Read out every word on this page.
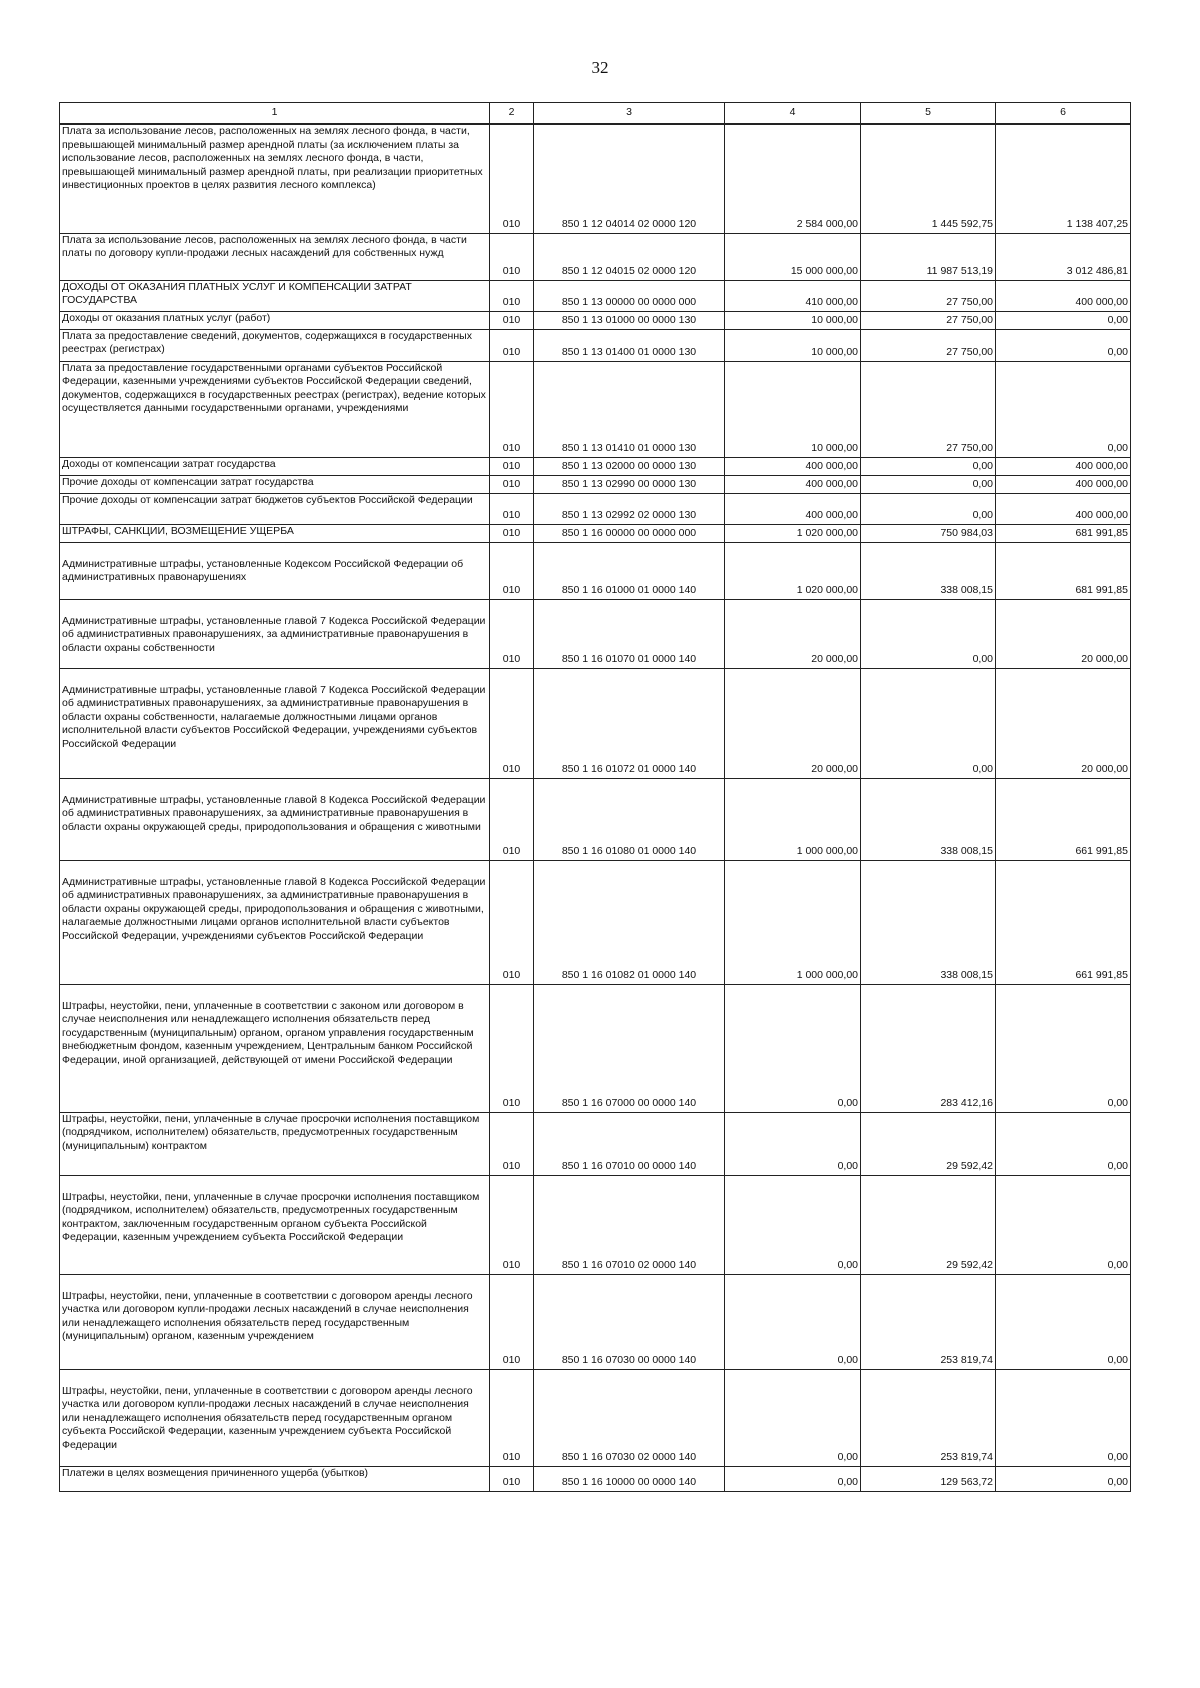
32
1	2	3	4	5	6
Плата за использование лесов, расположенных на землях лесного фонда, в части, превышающей минимальный размер арендной платы (за исключением платы за использование лесов, расположенных на землях лесного фонда, в части, превышающей минимальный размер арендной платы, при реализации приоритетных инвестиционных проектов в целях развития лесного комплекса)	010	850 1 12 04014 02 0000 120	2 584 000,00	1 445 592,75	1 138 407,25
Плата за использование лесов, расположенных на землях лесного фонда, в части платы по договору купли-продажи лесных насаждений для собственных нужд	010	850 1 12 04015 02 0000 120	15 000 000,00	11 987 513,19	3 012 486,81
ДОХОДЫ ОТ ОКАЗАНИЯ ПЛАТНЫХ УСЛУГ И КОМПЕНСАЦИИ ЗАТРАТ ГОСУДАРСТВА	010	850 1 13 00000 00 0000 000	410 000,00	27 750,00	400 000,00
Доходы от оказания платных услуг (работ)	010	850 1 13 01000 00 0000 130	10 000,00	27 750,00	0,00
Плата за предоставление сведений, документов, содержащихся в государственных реестрах (регистрах)	010	850 1 13 01400 01 0000 130	10 000,00	27 750,00	0,00
Плата за предоставление государственными органами субъектов Российской Федерации, казенными учреждениями субъектов Российской Федерации сведений, документов, содержащихся в государственных реестрах (регистрах), ведение которых осуществляется данными государственными органами, учреждениями	010	850 1 13 01410 01 0000 130	10 000,00	27 750,00	0,00
Доходы от компенсации затрат государства	010	850 1 13 02000 00 0000 130	400 000,00	0,00	400 000,00
Прочие доходы от компенсации затрат государства	010	850 1 13 02990 00 0000 130	400 000,00	0,00	400 000,00
Прочие доходы от компенсации затрат бюджетов субъектов Российской Федерации	010	850 1 13 02992 02 0000 130	400 000,00	0,00	400 000,00
ШТРАФЫ, САНКЦИИ, ВОЗМЕЩЕНИЕ УЩЕРБА	010	850 1 16 00000 00 0000 000	1 020 000,00	750 984,03	681 991,85

Административные штрафы, установленные Кодексом Российской Федерации об административных правонарушениях	010	850 1 16 01000 01 0000 140	1 020 000,00	338 008,15	681 991,85

Административные штрафы, установленные главой 7 Кодекса Российской Федерации об административных правонарушениях, за административные правонарушения в области охраны собственности	010	850 1 16 01070 01 0000 140	20 000,00	0,00	20 000,00

Административные штрафы, установленные главой 7 Кодекса Российской Федерации об административных правонарушениях, за административные правонарушения в области охраны собственности, налагаемые должностными лицами органов исполнительной власти субъектов Российской Федерации, учреждениями субъектов Российской Федерации	010	850 1 16 01072 01 0000 140	20 000,00	0,00	20 000,00

Административные штрафы, установленные главой 8 Кодекса Российской Федерации об административных правонарушениях, за административные правонарушения в области охраны окружающей среды, природопользования и обращения с животными	010	850 1 16 01080 01 0000 140	1 000 000,00	338 008,15	661 991,85

Административные штрафы, установленные главой 8 Кодекса Российской Федерации об административных правонарушениях, за административные правонарушения в области охраны окружающей среды, природопользования и обращения с животными, налагаемые должностными лицами органов исполнительной власти субъектов Российской Федерации, учреждениями субъектов Российской Федерации	010	850 1 16 01082 01 0000 140	1 000 000,00	338 008,15	661 991,85

Штрафы, неустойки, пени, уплаченные в соответствии с законом или договором в случае неисполнения или ненадлежащего исполнения обязательств перед государственным (муниципальным) органом, органом управления государственным внебюджетным фондом, казенным учреждением, Центральным банком Российской Федерации, иной организацией, действующей от имени Российской Федерации	010	850 1 16 07000 00 0000 140	0,00	283 412,16	0,00
Штрафы, неустойки, пени, уплаченные в случае просрочки исполнения поставщиком (подрядчиком, исполнителем) обязательств, предусмотренных государственным (муниципальным) контрактом	010	850 1 16 07010 00 0000 140	0,00	29 592,42	0,00

Штрафы, неустойки, пени, уплаченные в случае просрочки исполнения поставщиком (подрядчиком, исполнителем) обязательств, предусмотренных государственным контрактом, заключенным государственным органом субъекта Российской Федерации, казенным учреждением субъекта Российской Федерации	010	850 1 16 07010 02 0000 140	0,00	29 592,42	0,00

Штрафы, неустойки, пени, уплаченные в соответствии с договором аренды лесного участка или договором купли-продажи лесных насаждений в случае неисполнения или ненадлежащего исполнения обязательств перед государственным (муниципальным) органом, казенным учреждением	010	850 1 16 07030 00 0000 140	0,00	253 819,74	0,00

Штрафы, неустойки, пени, уплаченные в соответствии с договором аренды лесного участка или договором купли-продажи лесных насаждений в случае неисполнения или ненадлежащего исполнения обязательств перед государственным органом субъекта Российской Федерации, казенным учреждением субъекта Российской Федерации	010	850 1 16 07030 02 0000 140	0,00	253 819,74	0,00
Платежи в целях возмещения причиненного ущерба (убытков)	010	850 1 16 10000 00 0000 140	0,00	129 563,72	0,00
